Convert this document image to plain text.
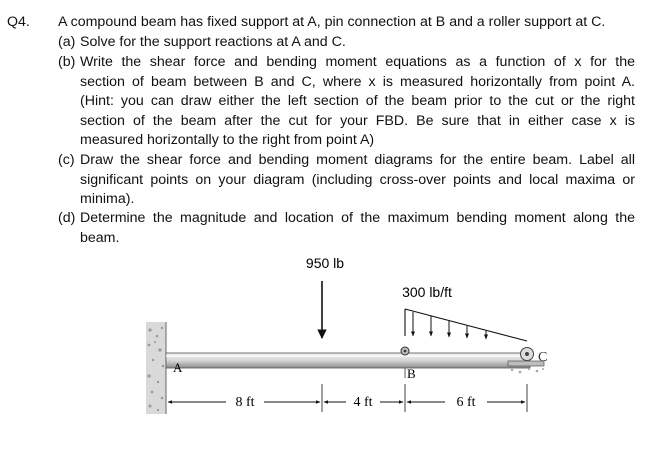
Q4. A compound beam has fixed support at A, pin connection at B and a roller support at C.
(a) Solve for the support reactions at A and C.
(b) Write the shear force and bending moment equations as a function of x for the
section of beam between B and C, where x is measured horizontally from point A.
(Hint: you can draw either the left section of the beam prior to the cut or the right
section of the beam after the cut for your FBD. Be sure that in either case x is
measured horizontally to the right from point A)
(c) Draw the shear force and bending moment diagrams for the entire beam. Label all
significant points on your diagram (including cross-over points and local maxima or
minima).
(d) Determine the magnitude and location of the maximum bending moment along the
beam.
A	B
950 lb
300 lb/ft
C
8 ft	4 ft	6 ft
